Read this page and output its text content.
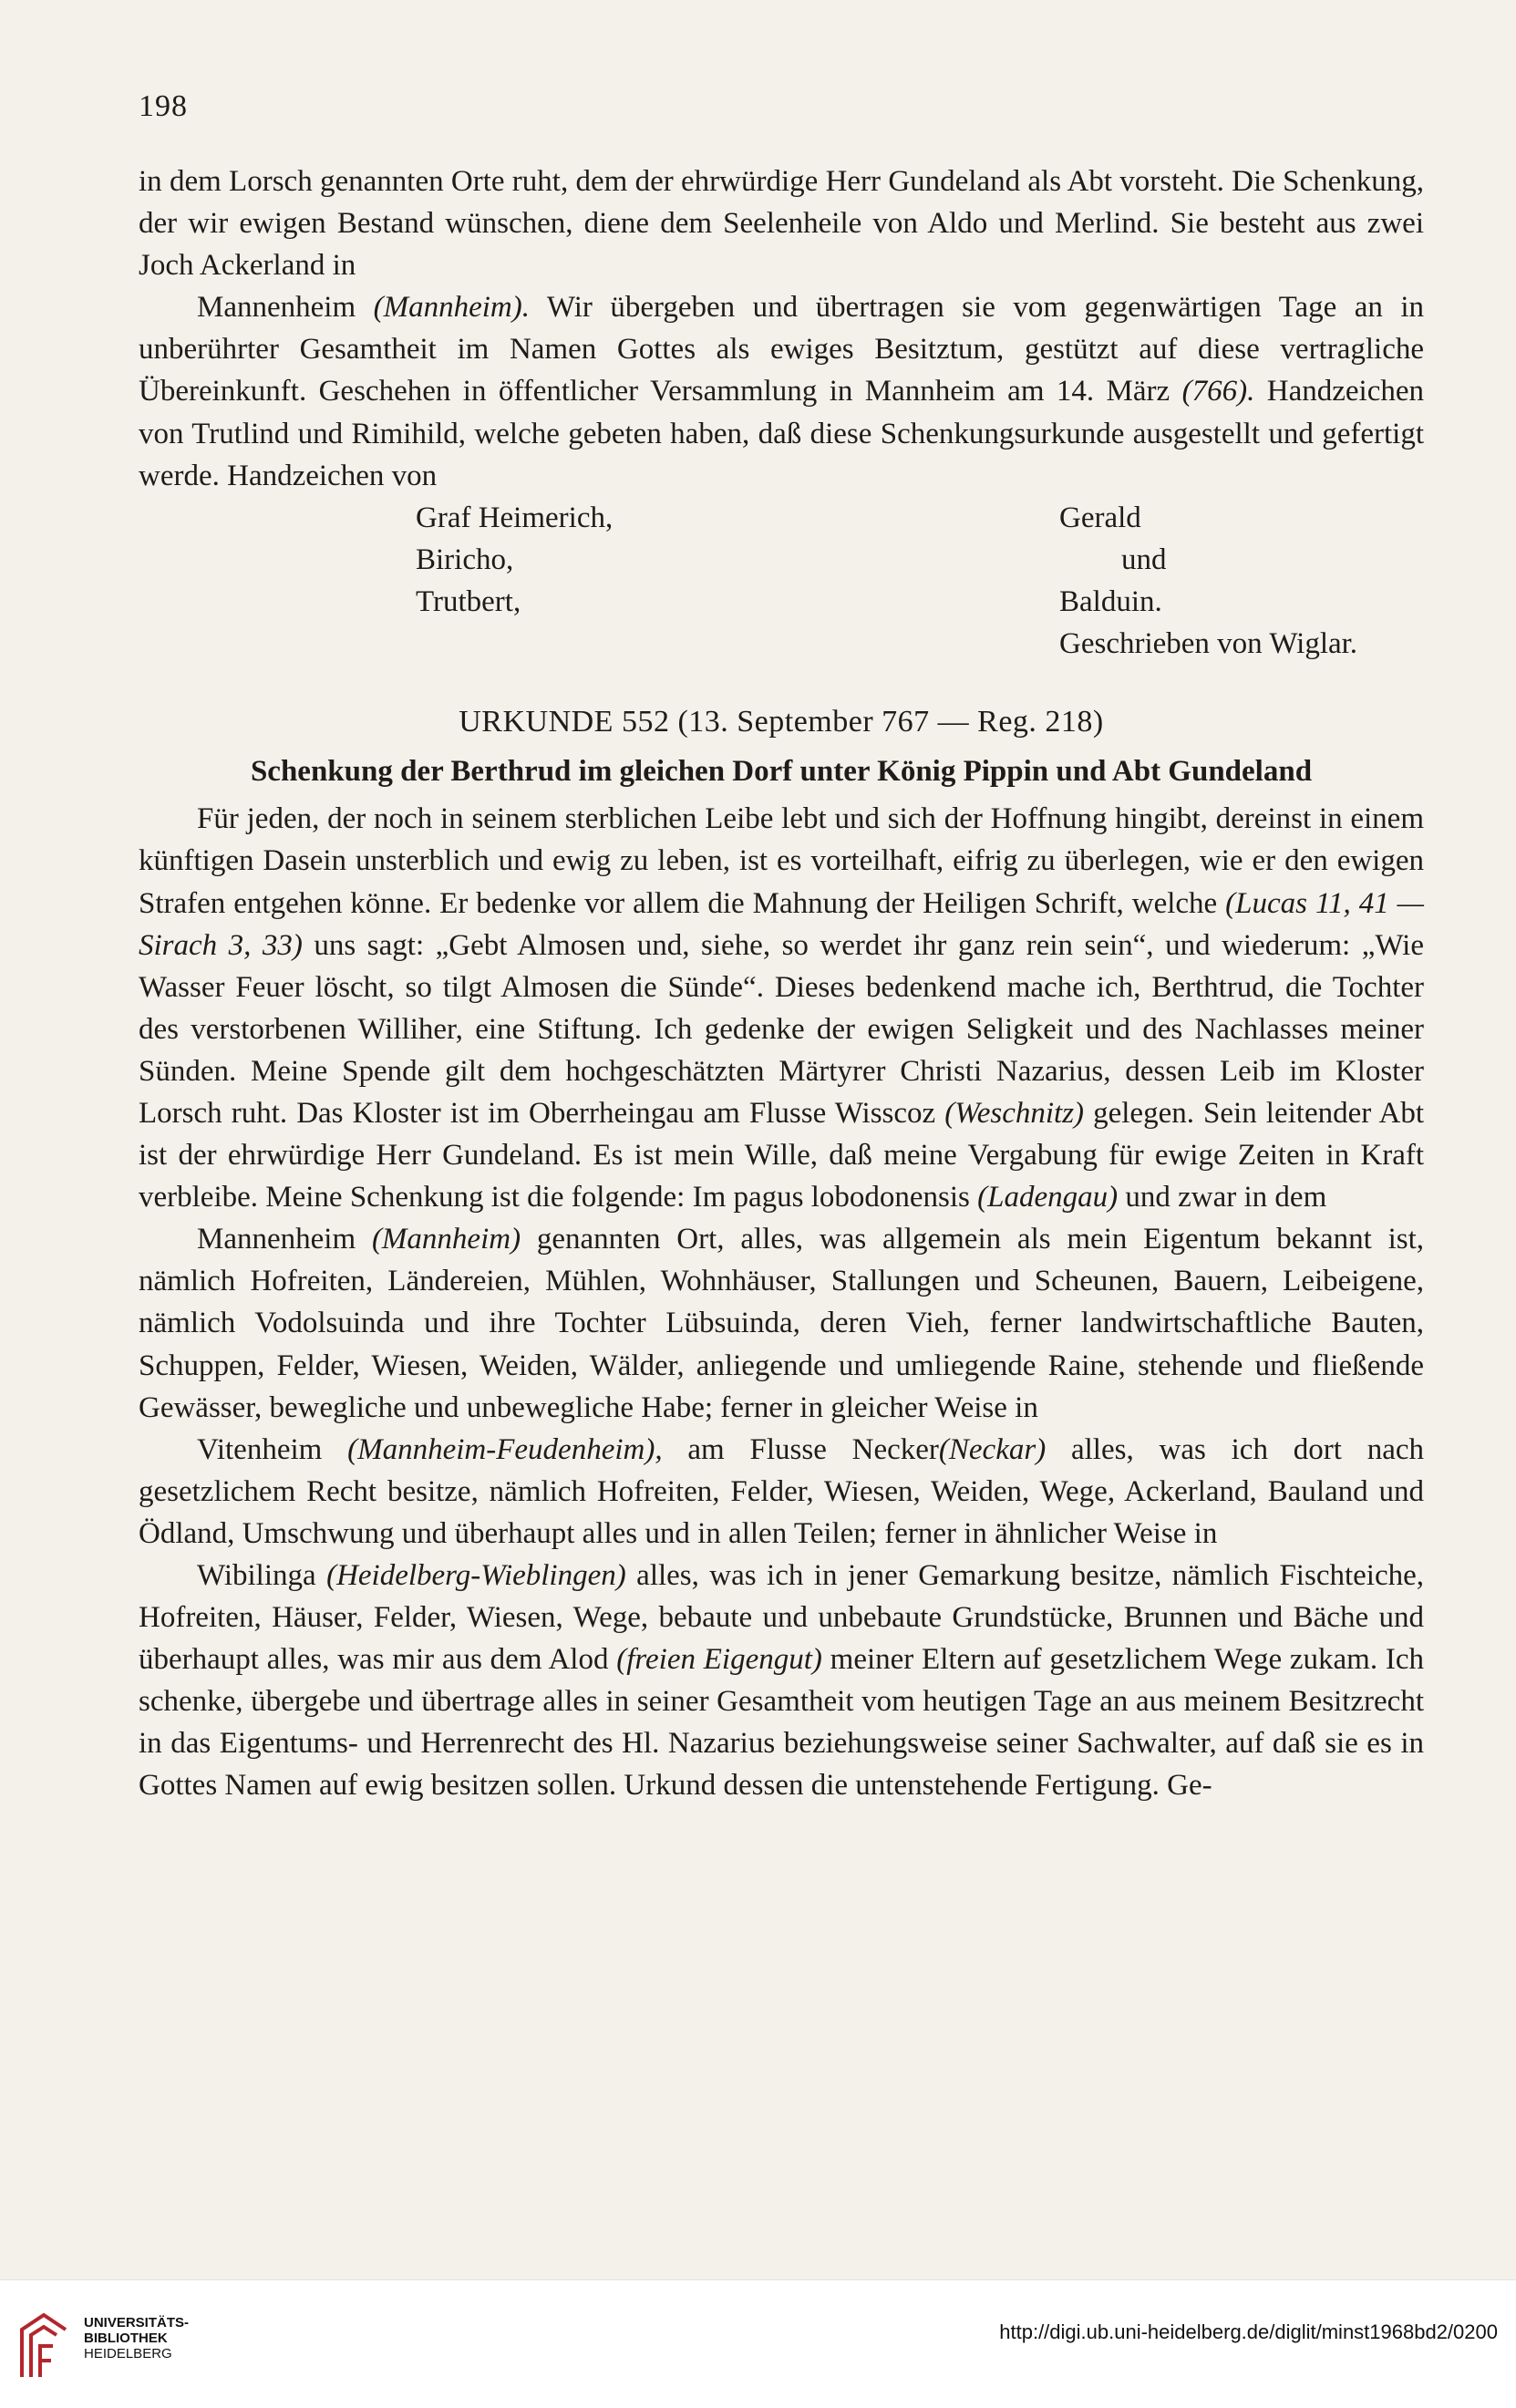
198

in dem Lorsch genannten Orte ruht, dem der ehrwürdige Herr Gundeland als Abt vorsteht. Die Schenkung, der wir ewigen Bestand wünschen, diene dem Seelenheile von Aldo und Merlind. Sie besteht aus zwei Joch Ackerland in

Mannenheim (Mannheim). Wir übergeben und übertragen sie vom gegenwärtigen Tage an in unberührter Gesamtheit im Namen Gottes als ewiges Besitztum, gestützt auf diese vertragliche Übereinkunft. Geschehen in öffentlicher Versammlung in Mannheim am 14. März (766). Handzeichen von Trutlind und Rimihild, welche gebeten haben, daß diese Schenkungsurkunde ausgestellt und gefertigt werde. Handzeichen von

Graf Heimerich,	Gerald
Biricho,	und
Trutbert,	Balduin.
Geschrieben von Wiglar.
URKUNDE 552 (13. September 767 — Reg. 218)
Schenkung der Berthrud im gleichen Dorf unter König Pippin und Abt Gundeland

Für jeden, der noch in seinem sterblichen Leibe lebt und sich der Hoffnung hingibt, dereinst in einem künftigen Dasein unsterblich und ewig zu leben, ist es vorteilhaft, eifrig zu überlegen, wie er den ewigen Strafen entgehen könne. Er bedenke vor allem die Mahnung der Heiligen Schrift, welche (Lucas 11, 41 — Sirach 3, 33) uns sagt: „Gebt Almosen und, siehe, so werdet ihr ganz rein sein“, und wiederum: „Wie Wasser Feuer löscht, so tilgt Almosen die Sünde“. Dieses bedenkend mache ich, Berthtrud, die Tochter des verstorbenen Williher, eine Stiftung. Ich gedenke der ewigen Seligkeit und des Nachlasses meiner Sünden. Meine Spende gilt dem hochgeschätzten Märtyrer Christi Nazarius, dessen Leib im Kloster Lorsch ruht. Das Kloster ist im Oberrheingau am Flusse Wisscoz (Weschnitz) gelegen. Sein leitender Abt ist der ehrwürdige Herr Gundeland. Es ist mein Wille, daß meine Vergabung für ewige Zeiten in Kraft verbleibe. Meine Schenkung ist die folgende: Im pagus lobodonensis (Ladengau) und zwar in dem

Mannenheim (Mannheim) genannten Ort, alles, was allgemein als mein Eigentum bekannt ist, nämlich Hofreiten, Ländereien, Mühlen, Wohnhäuser, Stallungen und Scheunen, Bauern, Leibeigene, nämlich Vodolsuinda und ihre Tochter Lübsuinda, deren Vieh, ferner landwirtschaftliche Bauten, Schuppen, Felder, Wiesen, Weiden, Wälder, anliegende und umliegende Raine, stehende und fließende Gewässer, bewegliche und unbewegliche Habe; ferner in gleicher Weise in

Vitenheim (Mannheim-Feudenheim), am Flusse Necker(Neckar) alles, was ich dort nach gesetzlichem Recht besitze, nämlich Hofreiten, Felder, Wiesen, Weiden, Wege, Ackerland, Bauland und Ödland, Umschwung und überhaupt alles und in allen Teilen; ferner in ähnlicher Weise in

Wibilinga (Heidelberg-Wieblingen) alles, was ich in jener Gemarkung besitze, nämlich Fischteiche, Hofreiten, Häuser, Felder, Wiesen, Wege, bebaute und unbebaute Grundstücke, Brunnen und Bäche und überhaupt alles, was mir aus dem Alod (freien Eigengut) meiner Eltern auf gesetzlichem Wege zukam. Ich schenke, übergebe und übertrage alles in seiner Gesamtheit vom heutigen Tage an aus meinem Besitzrecht in das Eigentums- und Herrenrecht des Hl. Nazarius beziehungsweise seiner Sachwalter, auf daß sie es in Gottes Namen auf ewig besitzen sollen. Urkund dessen die untenstehende Fertigung. Ge-

UNIVERSITÄTS-
BIBLIOTHEK
HEIDELBERG
http://digi.ub.uni-heidelberg.de/diglit/minst1968bd2/0200
